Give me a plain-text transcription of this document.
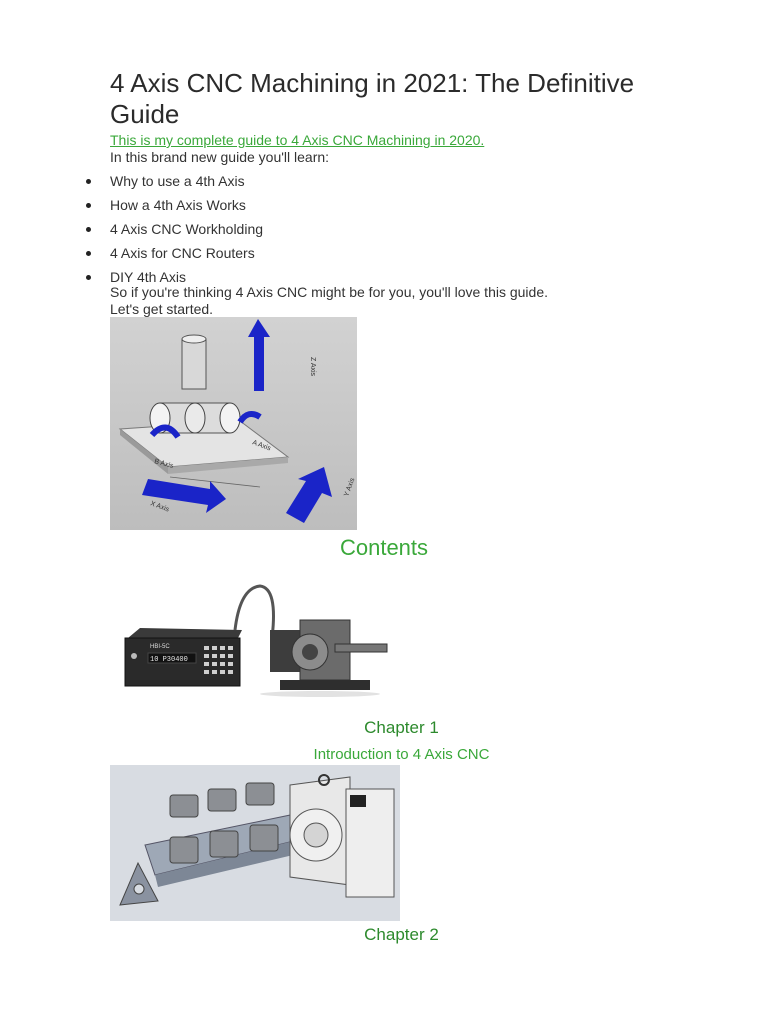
4 Axis CNC Machining in 2021: The Definitive Guide
This is my complete guide to 4 Axis CNC Machining in 2020.
In this brand new guide you'll learn:
Why to use a 4th Axis
How a 4th Axis Works
4 Axis CNC Workholding
4 Axis for CNC Routers
DIY 4th Axis
So if you're thinking 4 Axis CNC might be for you, you'll love this guide.
Let's get started.
Z Axis
A Axis
B Axis
X Axis
Y Axis
Contents
10 P30400
HBI-5C
Chapter 1
Introduction to 4 Axis CNC
Chapter 2
